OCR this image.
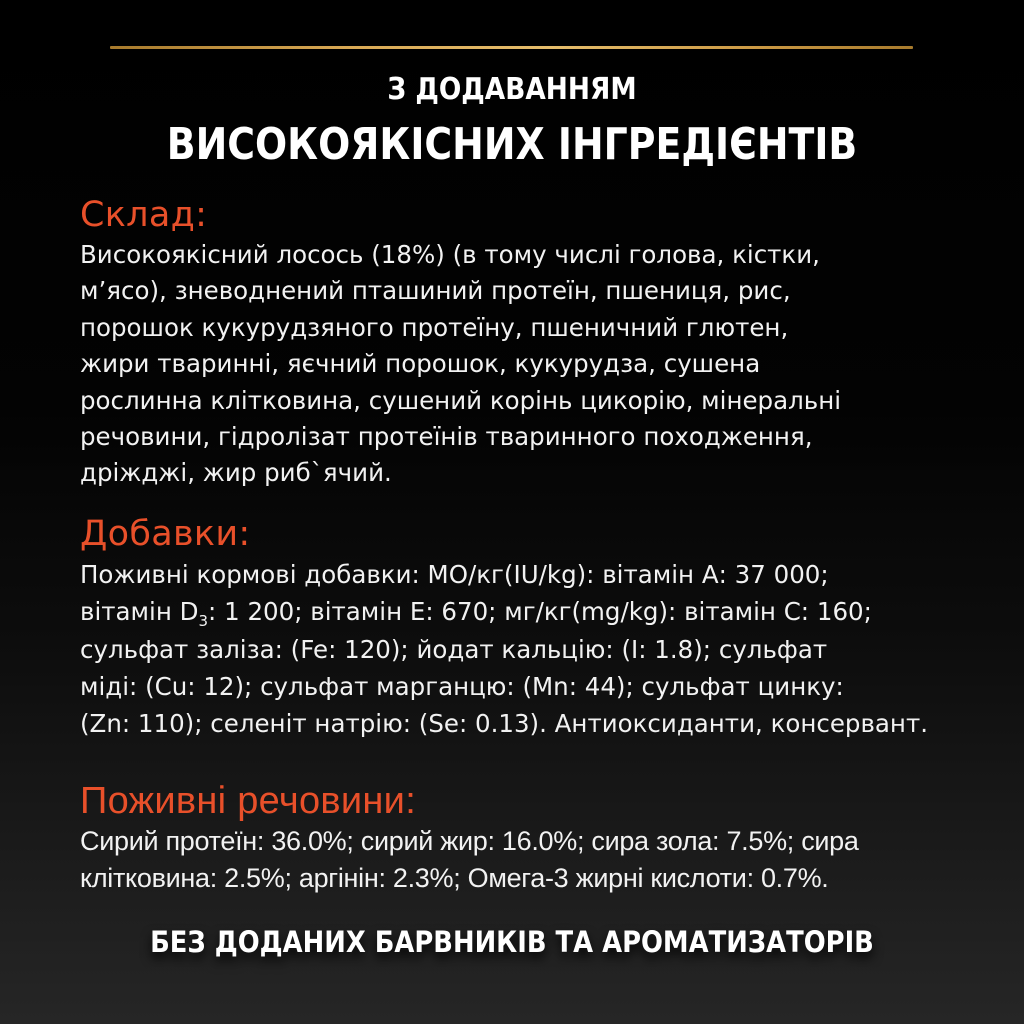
З ДОДАВАННЯМ
ВИСОКОЯКІСНИХ ІНГРЕДІЄНТІВ
Склад:

Високоякісний лосось (18%) (в тому числі голова, кістки,

м’ясо), зневоднений пташиний протеїн, пшениця, рис,

порошок кукурудзяного протеїну, пшеничний глютен,

жири тваринні, яєчний порошок, кукурудза, сушена

рослинна клітковина, сушений корінь цикорію, мінеральні

речовини, гідролізат протеїнів тваринного походження,

дріжджі, жир риб`ячий.

Добавки:

Поживні кормові добавки: МО/кг(IU/kg): вітамін А: 37 000;

вітамін $D_3$: 1 200; вітамін Е: 670; мг/кг(mg/kg): вітамін С: 160;

сульфат заліза: (Fe: 120); йодат кальцію: (I: 1.8); сульфат

міді: (Cu: 12); сульфат марганцю: (Mn: 44); сульфат цинку:

(Zn: 110); селеніт натрію: (Se: 0.13). Антиоксиданти, консервант.

Поживні речовини:

Сирий протеїн: 36.0%; сирий жир: 16.0%; сира зола: 7.5%; сира

клітковина: 2.5%; аргінін: 2.3%; Омега-3 жирні кислоти: 0.7%.

БЕЗ ДОДАНИХ БАРВНИКІВ ТА АРОМАТИЗАТОРІВ
